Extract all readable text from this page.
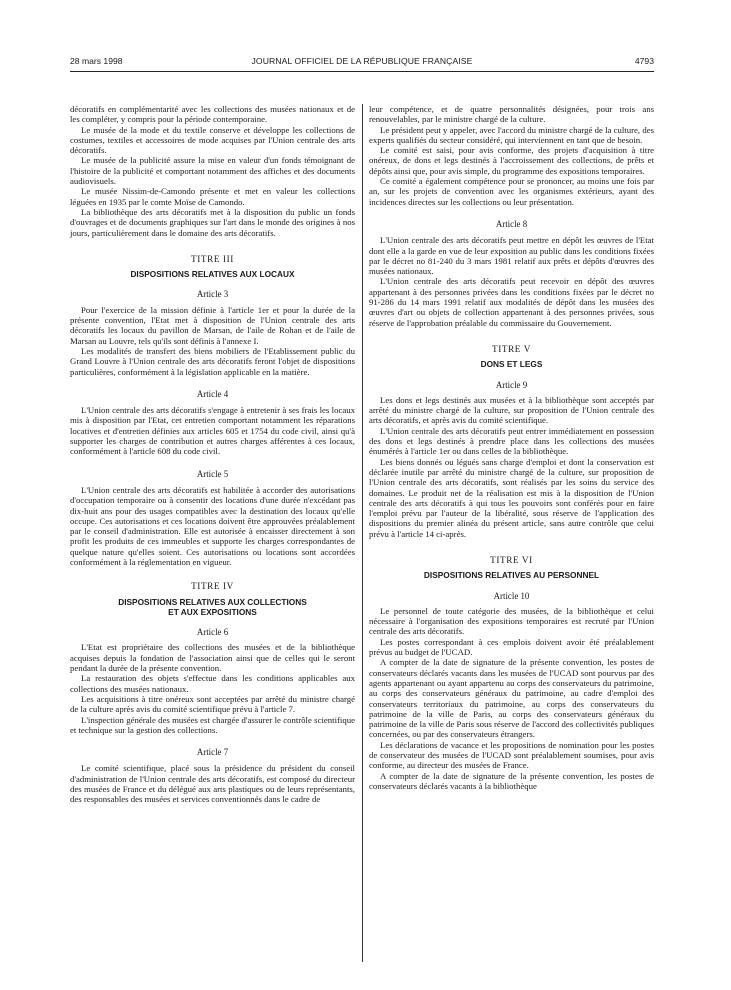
28 mars 1998	JOURNAL OFFICIEL DE LA RÉPUBLIQUE FRANÇAISE	4793

décoratifs en complémentarité avec les collections des musées nationaux et de les compléter, y compris pour la période contemporaine.

Le musée de la mode et du textile conserve et développe les collections de costumes, textiles et accessoires de mode acquises par l'Union centrale des arts décoratifs.

Le musée de la publicité assure la mise en valeur d'un fonds témoignant de l'histoire de la publicité et comportant notamment des affiches et des documents audiovisuels.

Le musée Nissim-de-Camondo présente et met en valeur les collections léguées en 1935 par le comte Moïse de Camondo.

La bibliothèque des arts décoratifs met à la disposition du public un fonds d'ouvrages et de documents graphiques sur l'art dans le monde des origines à nos jours, particulièrement dans le domaine des arts décoratifs.

TITRE III

DISPOSITIONS RELATIVES AUX LOCAUX

Article 3

Pour l'exercice de la mission définie à l'article 1er et pour la durée de la présente convention, l'Etat met à disposition de l'Union centrale des arts décoratifs les locaux du pavillon de Marsan, de l'aile de Rohan et de l'aile de Marsan au Louvre, tels qu'ils sont définis à l'annexe I.

Les modalités de transfert des biens mobiliers de l'Etablissement public du Grand Louvre à l'Union centrale des arts décoratifs feront l'objet de dispositions particulières, conformément à la législation applicable en la matière.

Article 4

L'Union centrale des arts décoratifs s'engage à entretenir à ses frais les locaux mis à disposition par l'Etat, cet entretien comportant notamment les réparations locatives et d'entretien définies aux articles 605 et 1754 du code civil, ainsi qu'à supporter les charges de contribution et autres charges afférentes à ces locaux, conformément à l'article 608 du code civil.

Article 5

L'Union centrale des arts décoratifs est habilitée à accorder des autorisations d'occupation temporaire ou à consentir des locations d'une durée n'excédant pas dix-huit ans pour des usages compatibles avec la destination des locaux qu'elle occupe. Ces autorisations et ces locations doivent être approuvées préalablement par le conseil d'administration. Elle est autorisée à encaisser directement à son profit les produits de ces immeubles et supporte les charges correspondantes de quelque nature qu'elles soient. Ces autorisations ou locations sont accordées conformément à la réglementation en vigueur.

TITRE IV

DISPOSITIONS RELATIVES AUX COLLECTIONS

ET AUX EXPOSITIONS

Article 6

L'Etat est propriétaire des collections des musées et de la bibliothèque acquises depuis la fondation de l'association ainsi que de celles qui le seront pendant la durée de la présente convention.

La restauration des objets s'effectue dans les conditions applicables aux collections des musées nationaux.

Les acquisitions à titre onéreux sont acceptées par arrêté du ministre chargé de la culture après avis du comité scientifique prévu à l'article 7.

L'inspection générale des musées est chargée d'assurer le contrôle scientifique et technique sur la gestion des collections.

Article 7

Le comité scientifique, placé sous la présidence du président du conseil d'administration de l'Union centrale des arts décoratifs, est composé du directeur des musées de France et du délégué aux arts plastiques ou de leurs représentants, des responsables des musées et services conventionnés dans le cadre de

leur compétence, et de quatre personnalités désignées, pour trois ans renouvelables, par le ministre chargé de la culture.

Le président peut y appeler, avec l'accord du ministre chargé de la culture, des experts qualifiés du secteur considéré, qui interviennent en tant que de besoin.

Le comité est saisi, pour avis conforme, des projets d'acquisition à titre onéreux, de dons et legs destinés à l'accroissement des collections, de prêts et dépôts ainsi que, pour avis simple, du programme des expositions temporaires.

Ce comité a également compétence pour se prononcer, au moins une fois par an, sur les projets de convention avec les organismes extérieurs, ayant des incidences directes sur les collections ou leur présentation.

Article 8

L'Union centrale des arts décoratifs peut mettre en dépôt les œuvres de l'Etat dont elle a la garde en vue de leur exposition au public dans les conditions fixées par le décret no 81-240 du 3 mars 1981 relatif aux prêts et dépôts d'œuvres des musées nationaux.

L'Union centrale des arts décoratifs peut recevoir en dépôt des œuvres appartenant à des personnes privées dans les conditions fixées par le décret no 91-286 du 14 mars 1991 relatif aux modalités de dépôt dans les musées des œuvres d'art ou objets de collection appartenant à des personnes privées, sous réserve de l'approbation préalable du commissaire du Gouvernement.

TITRE V

DONS ET LEGS

Article 9

Les dons et legs destinés aux musées et à la bibliothèque sont acceptés par arrêté du ministre chargé de la culture, sur proposition de l'Union centrale des arts décoratifs, et après avis du comité scientifique.

L'Union centrale des arts décoratifs peut entrer immédiatement en possession des dons et legs destinés à prendre place dans les collections des musées énumérés à l'article 1er ou dans celles de la bibliothèque.

Les biens donnés ou légués sans charge d'emploi et dont la conservation est déclarée inutile par arrêté du ministre chargé de la culture, sur proposition de l'Union centrale des arts décoratifs, sont réalisés par les soins du service des domaines. Le produit net de la réalisation est mis à la disposition de l'Union centrale des arts décoratifs à qui tous les pouvoirs sont conférés pour en faire l'emploi prévu par l'auteur de la libéralité, sous réserve de l'application des dispositions du premier alinéa du présent article, sans autre contrôle que celui prévu à l'article 14 ci-après.

TITRE VI

DISPOSITIONS RELATIVES AU PERSONNEL

Article 10

Le personnel de toute catégorie des musées, de la bibliothèque et celui nécessaire à l'organisation des expositions temporaires est recruté par l'Union centrale des arts décoratifs.

Les postes correspondant à ces emplois doivent avoir été préalablement prévus au budget de l'UCAD.

A compter de la date de signature de la présente convention, les postes de conservateurs déclarés vacants dans les musées de l'UCAD sont pourvus par des agents appartenant ou ayant appartenu au corps des conservateurs du patrimoine, au corps des conservateurs généraux du patrimoine, au cadre d'emploi des conservateurs territoriaux du patrimoine, au corps des conservateurs du patrimoine de la ville de Paris, au corps des conservateurs généraux du patrimoine de la ville de Paris sous réserve de l'accord des collectivités publiques concernées, ou par des conservateurs étrangers.

Les déclarations de vacance et les propositions de nomination pour les postes de conservateur des musées de l'UCAD sont préalablement soumises, pour avis conforme, au directeur des musées de France.

A compter de la date de signature de la présente convention, les postes de conservateurs déclarés vacants à la bibliothèque
